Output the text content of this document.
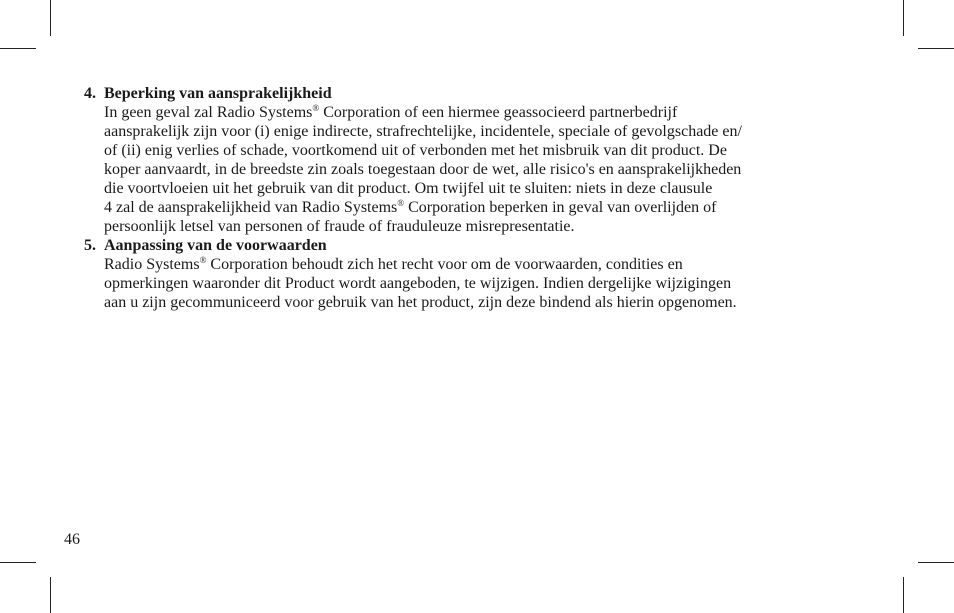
4. Beperking van aansprakelijkheid
In geen geval zal Radio Systems® Corporation of een hiermee geassocieerd partnerbedrijf
aansprakelijk zijn voor (i) enige indirecte, strafrechtelijke, incidentele, speciale of gevolgschade en/
of (ii) enig verlies of schade, voortkomend uit of verbonden met het misbruik van dit product. De
koper aanvaardt, in de breedste zin zoals toegestaan door de wet, alle risico's en aansprakelijkheden
die voortvloeien uit het gebruik van dit product. Om twijfel uit te sluiten: niets in deze clausule
4 zal de aansprakelijkheid van Radio Systems® Corporation beperken in geval van overlijden of
persoonlijk letsel van personen of fraude of frauduleuze misrepresentatie.
5. Aanpassing van de voorwaarden
Radio Systems® Corporation behoudt zich het recht voor om de voorwaarden, condities en
opmerkingen waaronder dit Product wordt aangeboden, te wijzigen. Indien dergelijke wijzigingen
aan u zijn gecommuniceerd voor gebruik van het product, zijn deze bindend als hierin opgenomen.
46
